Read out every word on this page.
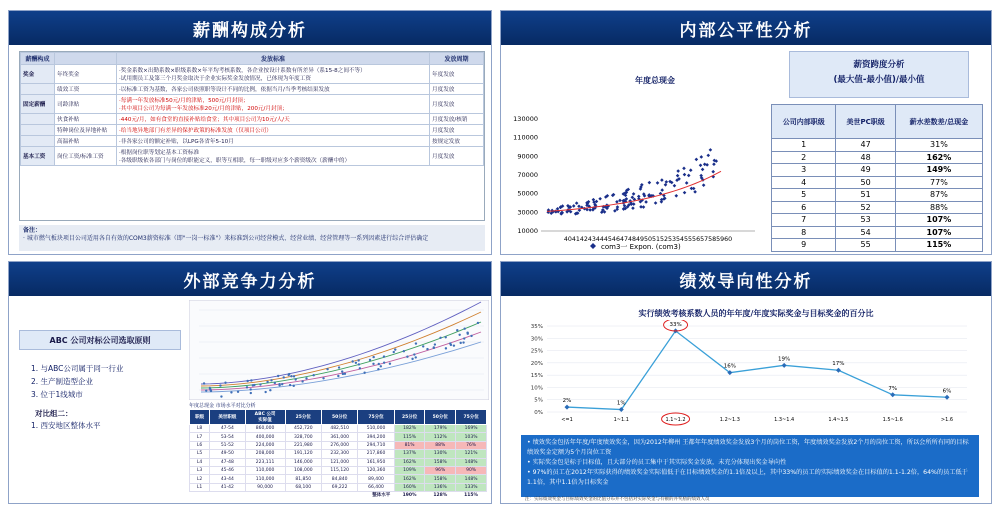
薪酬构成分析
薪酬构成		发放标准	发放周期
奖金	年终奖金	·奖金系数×出勤系数×职级系数×年平均考核系数，各企业按设计系数有所差异（系15-8之间不等）
·试用期员工及第三个月奖金取决于企业实际奖金发放情况，已体现为年度工资	年度发放
	绩效工资	·以标准工资为基数，各家公司依照职等设计不同的比例，依据当月/当季考核结果发放	月度发放
固定薪酬	司龄津贴	·每满一年发放标准50元/月的津贴，500元/月封顶；
·其中项目公司为每满一年发放标准20元/月的津贴，200元/月封顶；	月度发放
	伙食补贴	·440元/月，如有食堂的直接补贴给食堂；其中项目公司为10元/人/天	月度发放/核销
	特种岗位及异地补贴	·给当地异地部门有差异的保护政策的标准发放（仅项目公司）	月度发放
	高温补贴	·非各家公司的额定补贴，以LPG各省年5-10月	按规定发放
基本工资	岗位工资/标准工资	·根据岗位职等划定基本工资标准
·各级职级依各部门与岗位的职能定义，职等互相联，每一职级对应多个薪资级次（薪酬中的）	月度发放
备注：
· 城市燃气板块项目公司适用各自有效的COM3薪资标准（即"一岗一标准"）来标准到公司经营模式、经营业绩、经营管理等一系列因素进行综合评估确定
内部公平性分析
年度总现金
10000
30000
50000
70000
90000
110000
130000
404142434445464748495051525354555657585960
com3一 Expon. (com3)
薪资跨度分析
(最大值-最小值)/最小值
公司内部职级	美世PC职级	薪水差数差/总现金
1	47	31%
2	48	162%
3	49	149%
4	50	77%
5	51	87%
6	52	88%
7	53	107%
8	54	107%
9	55	115%
外部竞争力分析
ABC 公司对标公司选取原则
1. 与ABC公司属于同一行业
2. 生产制造型企业
3. 位于1线城市
对比组二：
1. 西安地区整体水平
年度总现金 市场水平对比分析
职级	美世职级	ABC 公司
实际值	25分位	50分位	75分位	25分位	50分位	75分位
L8	47-54	860,000	452,720	482,510	510,000	182%	179%	169%
L7	53-54	400,000	328,700	361,000	394,200	115%	112%	103%
L6	51-52	224,000	221,980	276,000	294,710	81%	88%	76%
L5	49-50	208,000	191,120	232,300	217,860	137%	130%	121%
L4	47-48	223,111	146,000	121,000	161,950	162%	158%	148%
L3	45-46	110,000	108,000	115,120	120,360	109%	96%	90%
L2	43-44	110,000	81,850	84,840	89,400	162%	158%	148%
L1	41-42	90,000	68,100	69,222	66,400	160%	136%	133%
整体水平						190%	128%	115%
绩效导向性分析
实行绩效考核系数人员的年年度/年度实际奖金与目标奖金的百分比
0%
5%
10%
15%
20%
25%
30%
35%
2%
<=1
1%
1~1.1
33%
1.1~1.2
16%
1.2~1.3
19%
1.3~1.4
17%
1.4~1.5
7%
1.5~1.6
6%
>1.6
• 绩效奖金包括年年度/年度绩效奖金，因为2012年柳州 王都年年度绩效奖金发放3个月的岗位工资，年度绩效奖金发放2个月的岗位工资，所以会所所有同的目标绩效奖金定额为5个月岗位工资
• 实际奖金包是标于目标值，且大部分的员工集中于其实际奖金发放，未充分体现出奖金导向性
• 97%的员工在2012年实际获得的绩效奖金实际值低于在目标绩效奖金的1.1倍及以上，其中33%的员工的实际绩效奖金在目标值的1.1-1.2倍，64%的员工低于1.1倍，其中1.1倍为目标奖金
注：实际绩效奖金与目标绩效奖金的比值分布并不包括对实际奖金与有额的并奖励的绩效人员
